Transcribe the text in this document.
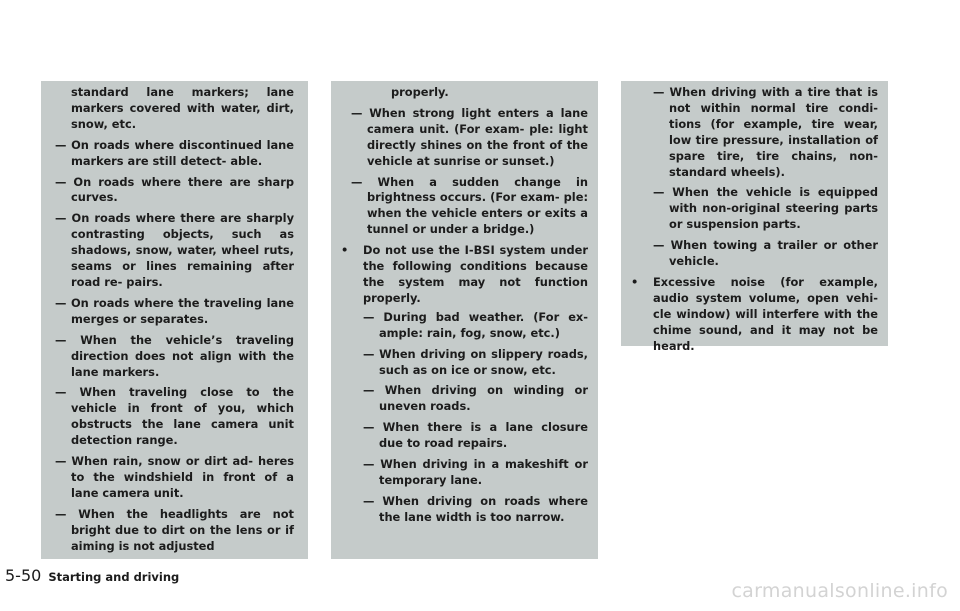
standard lane markers; lane markers covered with water, dirt, snow, etc.
— On roads where discontinued lane markers are still detect- able.
— On roads where there are sharp curves.
— On roads where there are sharply contrasting objects, such as shadows, snow, water, wheel ruts, seams or lines remaining after road re- pairs.
— On roads where the traveling lane merges or separates.
— When the vehicle’s traveling direction does not align with the lane markers.
— When traveling close to the vehicle in front of you, which obstructs the lane camera unit detection range.
— When rain, snow or dirt ad- heres to the windshield in front of a lane camera unit.
— When the headlights are not bright due to dirt on the lens or if aiming is not adjusted
properly.
— When strong light enters a lane camera unit. (For exam- ple: light directly shines on the front of the vehicle at sunrise or sunset.)
— When a sudden change in brightness occurs. (For exam- ple: when the vehicle enters or exits a tunnel or under a bridge.)
•	Do not use the I-BSI system under the following conditions because the system may not function properly.
— During bad weather. (For ex- ample: rain, fog, snow, etc.)
— When driving on slippery roads, such as on ice or snow, etc.
— When driving on winding or uneven roads.
— When there is a lane closure due to road repairs.
— When driving in a makeshift or temporary lane.
— When driving on roads where the lane width is too narrow.
— When driving with a tire that is not within normal tire condi- tions (for example, tire wear, low tire pressure, installation of spare tire, tire chains, non- standard wheels).
— When the vehicle is equipped with non-original steering parts or suspension parts.
— When towing a trailer or other vehicle.
•	Excessive noise (for example, audio system volume, open vehi- cle window) will interfere with the chime sound, and it may not be heard.
5-50 Starting and driving
carmanualsonline.info
